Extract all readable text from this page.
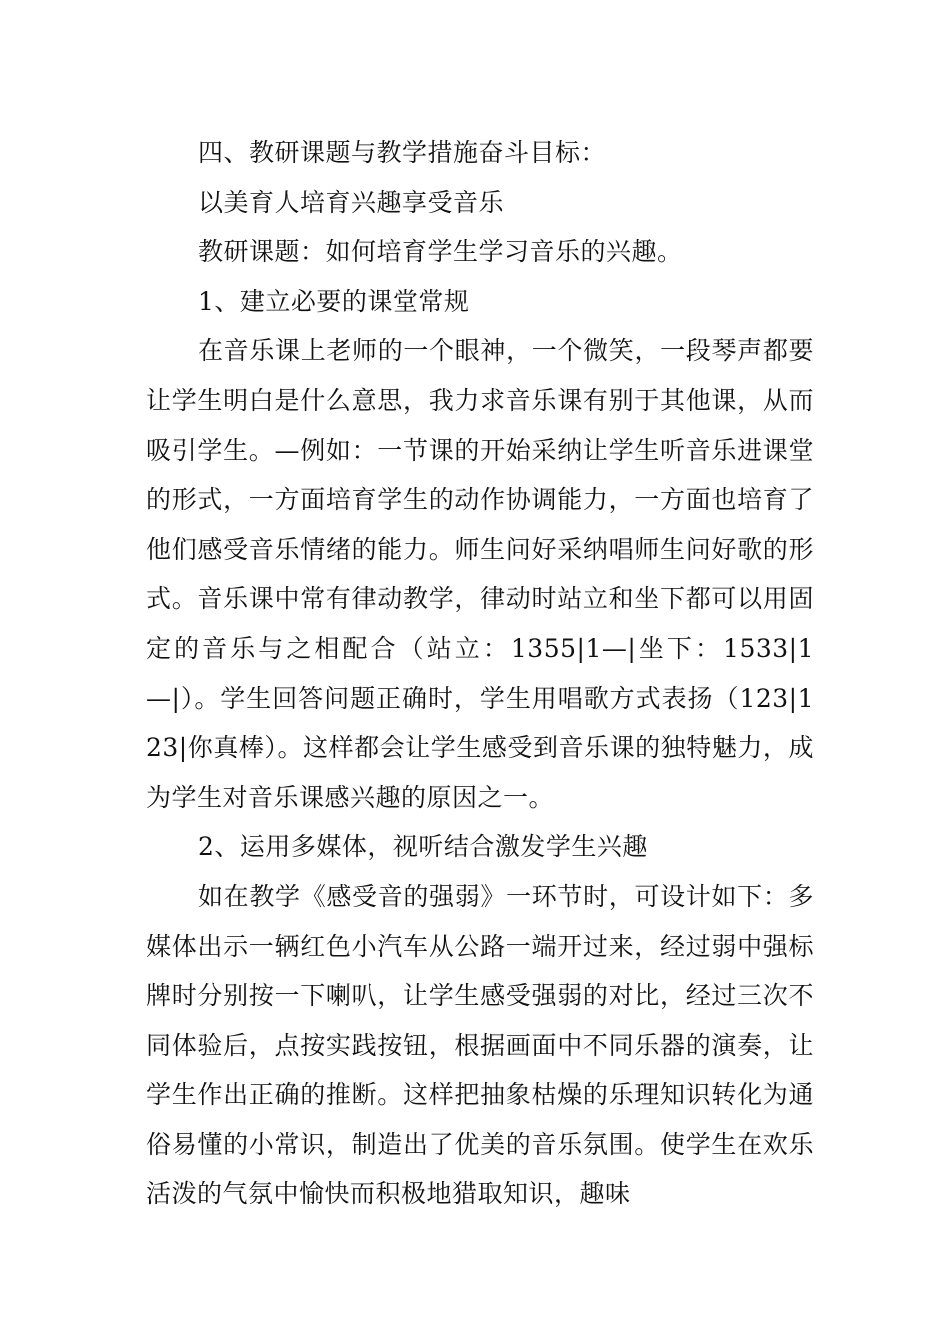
四、教研课题与教学措施奋斗目标：

以美育人培育兴趣享受音乐

教研课题：如何培育学生学习音乐的兴趣。

1、建立必要的课堂常规

在音乐课上老师的一个眼神，一个微笑，一段琴声都要让学生明白是什么意思，我力求音乐课有别于其他课，从而吸引学生。—例如：一节课的开始采纳让学生听音乐进课堂的形式，一方面培育学生的动作协调能力，一方面也培育了他们感受音乐情绪的能力。师生问好采纳唱师生问好歌的形式。音乐课中常有律动教学，律动时站立和坐下都可以用固定的音乐与之相配合（站立：1355|1—|坐下：1533|1—|）。学生回答问题正确时，学生用唱歌方式表扬（123|123|你真棒）。这样都会让学生感受到音乐课的独特魅力，成为学生对音乐课感兴趣的原因之一。

2、运用多媒体，视听结合激发学生兴趣

如在教学《感受音的强弱》一环节时，可设计如下：多媒体出示一辆红色小汽车从公路一端开过来，经过弱中强标牌时分别按一下喇叭，让学生感受强弱的对比，经过三次不同体验后，点按实践按钮，根据画面中不同乐器的演奏，让学生作出正确的推断。这样把抽象枯燥的乐理知识转化为通俗易懂的小常识，制造出了优美的音乐氛围。使学生在欢乐活泼的气氛中愉快而积极地猎取知识，趣味
